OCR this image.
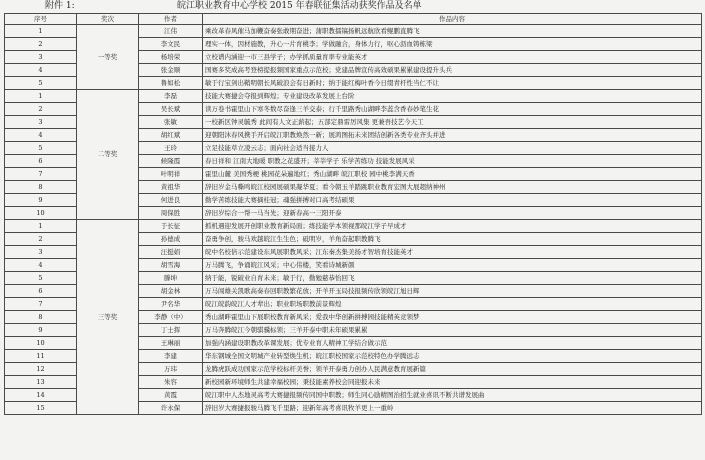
附件 1:	皖江职业教育中心学校 2015 年春联征集活动获奖作品及名单
序号	奖次	作者	作品内容
1	一等奖	江伟	乘改革春风催马加鞭奋奏张敢期奋进；蒲职教擂镐扬帆远航欣看鲲鹏直腾飞
2		李文民	理实一体，因材施教，升心一片育桃李；学做融合，身体力行，呕心沥血铸栋梁
3		杨培荣	立校谱内涵迎一市三县学子；办学抓质量育率专业能英才
4		张金顺	国赛多奖成高考登榜提报频国家重点示范校；党建品牌宣传高效硕果累累建设提升头兵
5		鲁如松	敏于行宝剑出鞘明朝长风破浪会有日新时；纳于能红梅叶香今日缀青杆性当仁不让
1	二等奖	李磊	技能大赛捷会夺报到辉煌；专业建设改革发展上台阶
2		吴长斌	读万卷书霍里山下寒冬数尽奋逢三羊交泰；行千里路秀山湖畔李蕊含香春妙笔生花
3		张敏	一校新区钟灵毓秀 此间有人文正薪起；五部定鼎雷厉风集 更兼吾技艺今天工
4		胡红斌	迎朝阳沐春风携手开启皖江职教焕然一新；展鸿图拓未来团结创新各类专业齐头并进
5		王玲	立足技能草立凌云志；面向社会适当接力人
6		候隆霞	春日祥和 江南大地暖 职教之花盛开；莘莘学子 乐学苦练功 技能发展风采
7		叶明祥	霍里山麓 美国秀梗 桃园花朵遍地红；秀山湖畔 皖江职校 园中桃李满天香
8		黄祖华	辞旧岁金马嘶鸣皖江校园展硕果凝华夏；看今朝玉羊踏跳职业教育宏图大展超纳神州
9		何进良	勤学苦练技能大赛摘桂冠；魂强拼搏对口高考结硕果
10		周保胜	辞旧岁综合一帮一马当先；迎新春高一三阳开泰
1	三等奖	于长征	抓机遇迎发展开创职业教育新局面；练技能学本领视那皖江学子早成才
2		孙德成	奋勇争创，骏马欢越皖江生生色；砥明岁，羊角奋起职教腾飞
3		汪挺娟	皖中名校倍示范建设东风展职教风采；江东秦杰集美扬才智培育技能英才
4		胡雪海	万马腾飞，争诵皖江风采；中心伟楼，笑看诗城新颜
5		滕坤	纳于能，锐破业自育未来；敏于行，勤勉慈恭怡回飞
6		胡金林	万马闯雄关凯歌高奏春回职教繁花放；开羊开玉局技报频传欣领皖江旭日辉
7		尹名华	皖江皖韵皖江人才辈出；职业职场职教前景辉煌
8		李静（中）	秀山湖畔霍里山下展职校教育新风采；爱我中华创新拼搏园技能精英竞领梦
9		丁士挥	万马奔腾皖江今朝骐骥标领；三羊开泰中职未年硕果累累
10		王琳丽	加强内涵建设职教改革课发展；优专业育人精神工学结合做示范
11		李建	华东钢城全国文明城产业转型焕生机；皖江职校国家示范校特色办学腾远志
12		万玮	龙腾虎跃成功国家示范学校标杆美誉；领羊开泰勇力创办人民满意教育展新篇
13		朱容	新校园新环境师生共建幸福校园；秉技能素养校会同迎报未来
14		黄霞	皖江职中人杰地灵高考大赛捷报频传同国中职教；师生同心励精图治招生就业喜讯不断共谱发展曲
15		许永保	辞旧岁大赛捷报骏马腾飞千里路；迎新年高考喜讯牧羊更上一重岭
